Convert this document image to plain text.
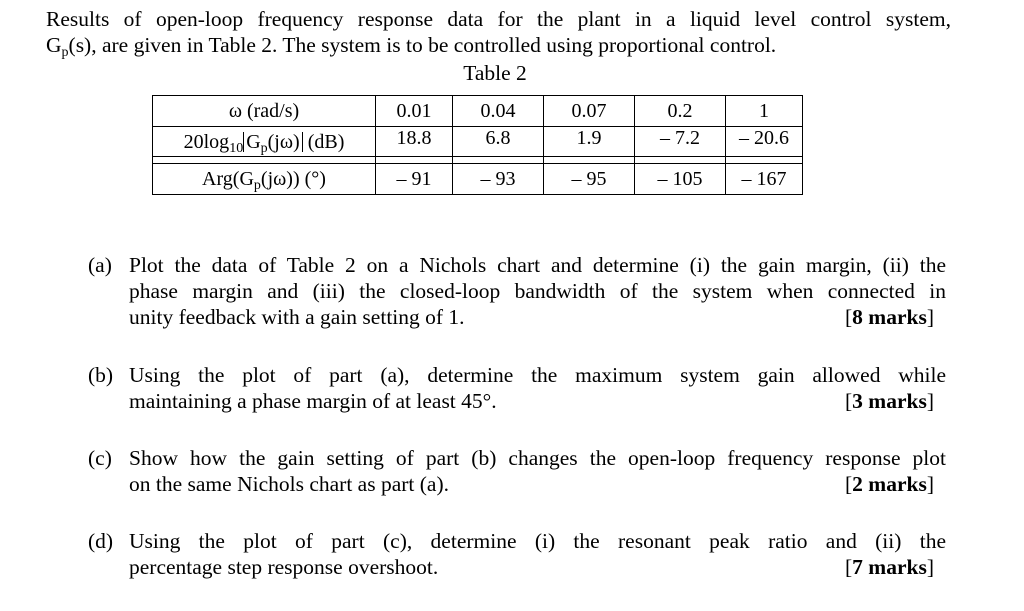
Results of open-loop frequency response data for the plant in a liquid level control system,
$G_p(s)$, are given in Table 2. The system is to be controlled using proportional control.
Table 2
ω (rad/s)	0.01	0.04	0.07	0.2	1
$20\log_{10}$ $G_p(j\omega)$ (dB)	18.8	6.8	1.9	– 7.2	– 20.6

$Arg(G_p(j\omega))$ (°)	– 91	– 93	– 95	– 105	– 167
(a) Plot the data of Table 2 on a Nichols chart and determine (i) the gain margin, (ii) the
phase margin and (iii) the closed-loop bandwidth of the system when connected in
unity feedback with a gain setting of 1.	[8 marks]
(b) Using the plot of part (a), determine the maximum system gain allowed while
maintaining a phase margin of at least 45°.	[3 marks]
(c) Show how the gain setting of part (b) changes the open-loop frequency response plot
on the same Nichols chart as part (a).	[2 marks]
(d) Using the plot of part (c), determine (i) the resonant peak ratio and (ii) the
percentage step response overshoot.	[7 marks]
